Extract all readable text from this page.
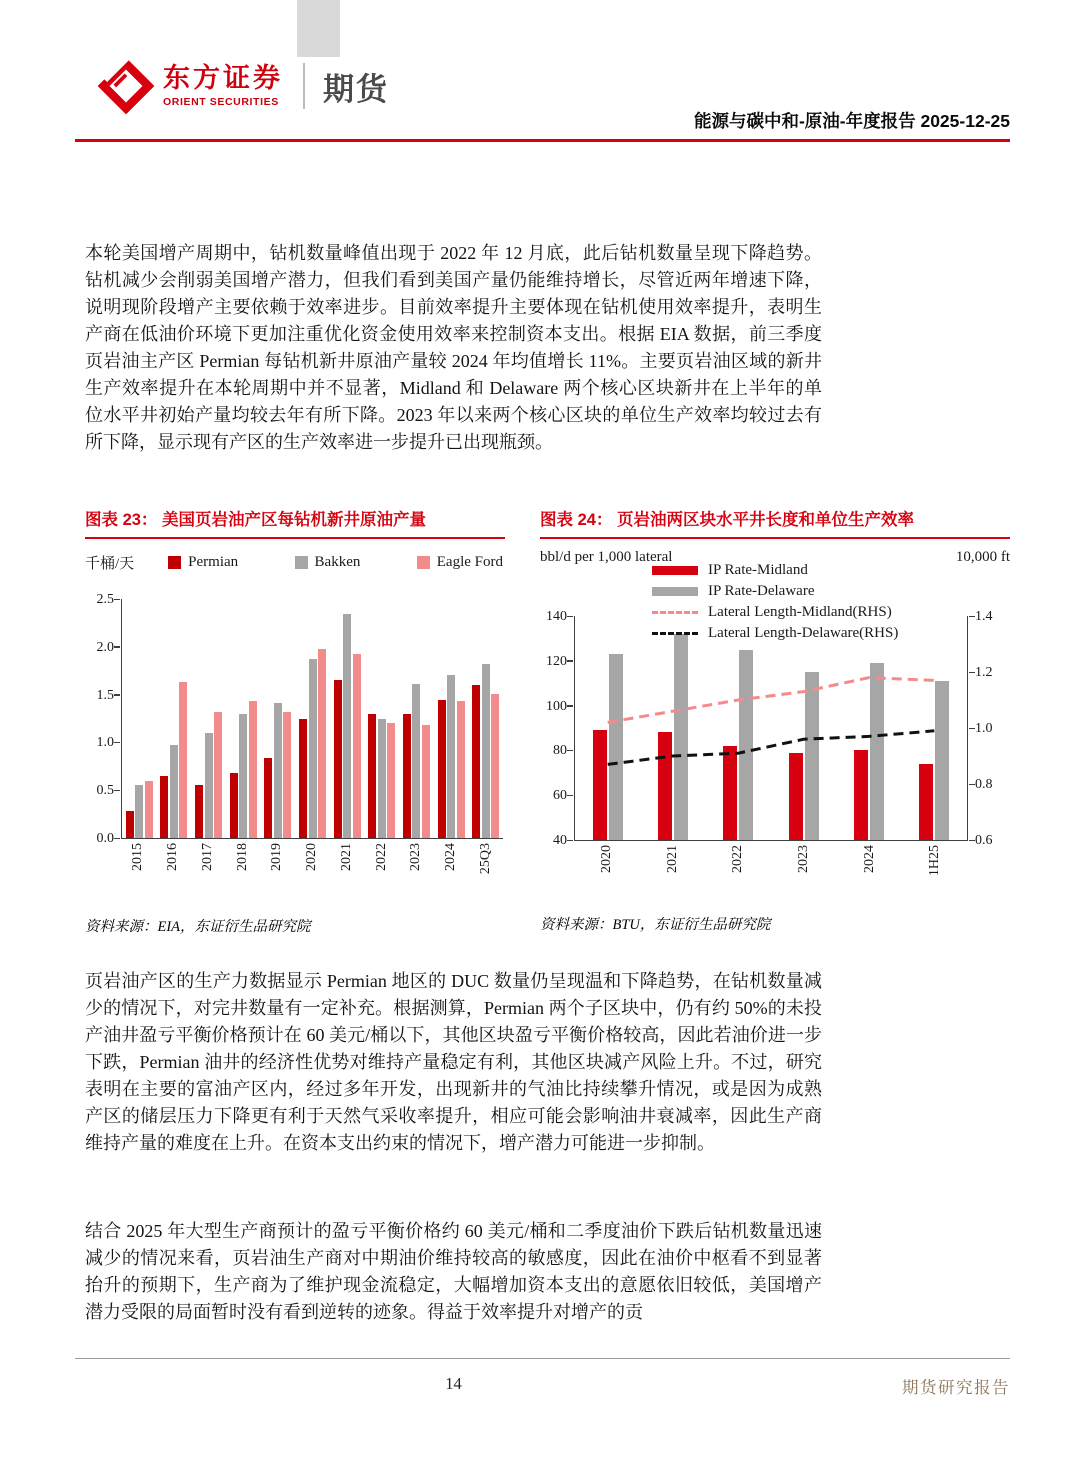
东方证券
ORIENT SECURITIES 期货
能源与碳中和-原油-年度报告 2025-12-25

本轮美国增产周期中，钻机数量峰值出现于 2022 年 12 月底，此后钻机数量呈现下降趋势。钻机减少会削弱美国增产潜力，但我们看到美国产量仍能维持增长，尽管近两年增速下降，说明现阶段增产主要依赖于效率进步。目前效率提升主要体现在钻机使用效率提升，表明生产商在低油价环境下更加注重优化资金使用效率来控制资本支出。根据 EIA 数据，前三季度页岩油主产区 Permian 每钻机新井原油产量较 2024 年均值增长 11%。主要页岩油区域的新井生产效率提升在本轮周期中并不显著，Midland 和 Delaware 两个核心区块新井在上半年的单位水平井初始产量均较去年有所下降。2023 年以来两个核心区块的单位生产效率均较过去有所下降，显示现有产区的生产效率进一步提升已出现瓶颈。

图表 23： 美国页岩油产区每钻机新井原油产量
千桶/天	Permian	Bakken	Eagle Ford
0.0
0.5
1.0
1.5
2.0
2.5
2015 2016 2017 2018 2019 2020 2021 2022 2023 2024 25Q3
资料来源：EIA，东证衍生品研究院
图表 24： 页岩油两区块水平井长度和单位生产效率
bbl/d per 1,000 lateral	10,000 ft
IP Rate-Midland
IP Rate-Delaware
Lateral Length-Midland(RHS)
Lateral Length-Delaware(RHS)
40
60
80
100
120
140
0.6
0.8
1.0
1.2
1.4
2020	2021	2022	2023	2024	1H25
资料来源：BTU，东证衍生品研究院

页岩油产区的生产力数据显示 Permian 地区的 DUC 数量仍呈现温和下降趋势，在钻机数量减少的情况下，对完井数量有一定补充。根据测算，Permian 两个子区块中，仍有约 50%的未投产油井盈亏平衡价格预计在 60 美元/桶以下，其他区块盈亏平衡价格较高，因此若油价进一步下跌，Permian 油井的经济性优势对维持产量稳定有利，其他区块减产风险上升。不过，研究表明在主要的富油产区内，经过多年开发，出现新井的气油比持续攀升情况，或是因为成熟产区的储层压力下降更有利于天然气采收率提升，相应可能会影响油井衰减率，因此生产商维持产量的难度在上升。在资本支出约束的情况下，增产潜力可能进一步抑制。

结合 2025 年大型生产商预计的盈亏平衡价格约 60 美元/桶和二季度油价下跌后钻机数量迅速减少的情况来看，页岩油生产商对中期油价维持较高的敏感度，因此在油价中枢看不到显著抬升的预期下，生产商为了维护现金流稳定，大幅增加资本支出的意愿依旧较低，美国增产潜力受限的局面暂时没有看到逆转的迹象。得益于效率提升对增产的贡

14	期货研究报告
